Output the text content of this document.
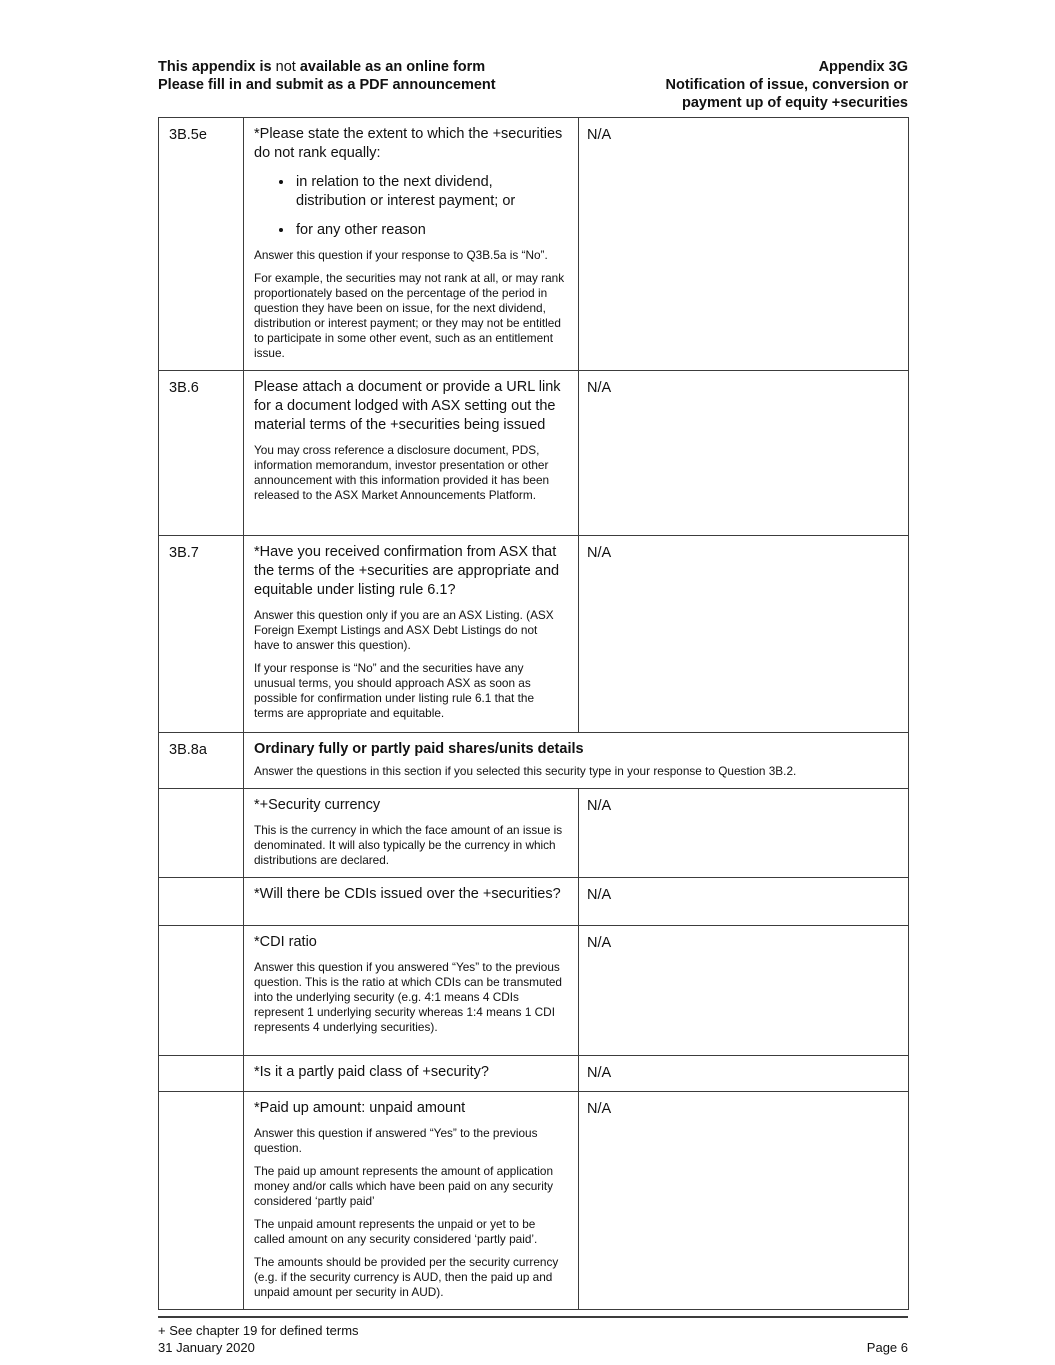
This appendix is not available as an online form
Please fill in and submit as a PDF announcement
Appendix 3G
Notification of issue, conversion or
payment up of equity +securities
3B.5e	*Please state the extent to which the +securities do not rank equally:

• in relation to the next dividend, distribution or interest payment; or
• for any other reason

Answer this question if your response to Q3B.5a is “No”.

For example, the securities may not rank at all, or may rank proportionately based on the percentage of the period in question they have been on issue, for the next dividend, distribution or interest payment; or they may not be entitled to participate in some other event, such as an entitlement issue.

	N/A
3B.6	Please attach a document or provide a URL link for a document lodged with ASX setting out the material terms of the +securities being issued

You may cross reference a disclosure document, PDS, information memorandum, investor presentation or other announcement with this information provided it has been released to the ASX Market Announcements Platform.	N/A
3B.7	*Have you received confirmation from ASX that the terms of the +securities are appropriate and equitable under listing rule 6.1?

Answer this question only if you are an ASX Listing. (ASX Foreign Exempt Listings and ASX Debt Listings do not have to answer this question).

If your response is “No” and the securities have any unusual terms, you should approach ASX as soon as possible for confirmation under listing rule 6.1 that the terms are appropriate and equitable.	N/A
3B.8a	Ordinary fully or partly paid shares/units details

Answer the questions in this section if you selected this security type in your response to Question 3B.2.	

	*+Security currency

This is the currency in which the face amount of an issue is denominated. It will also typically be the currency in which distributions are declared.	N/A

	*Will there be CDIs issued over the +securities?	N/A

	*CDI ratio

Answer this question if you answered “Yes” to the previous question. This is the ratio at which CDIs can be transmuted into the underlying security (e.g. 4:1 means 4 CDIs represent 1 underlying security whereas 1:4 means 1 CDI represents 4 underlying securities).	N/A

	*Is it a partly paid class of +security?	N/A

	*Paid up amount: unpaid amount

Answer this question if answered “Yes” to the previous question.

The paid up amount represents the amount of application money and/or calls which have been paid on any security considered ‘partly paid’

The unpaid amount represents the unpaid or yet to be called amount on any security considered ‘partly paid’.

The amounts should be provided per the security currency (e.g. if the security currency is AUD, then the paid up and unpaid amount per security in AUD).	N/A
+ See chapter 19 for defined terms
31 January 2020	Page 6
